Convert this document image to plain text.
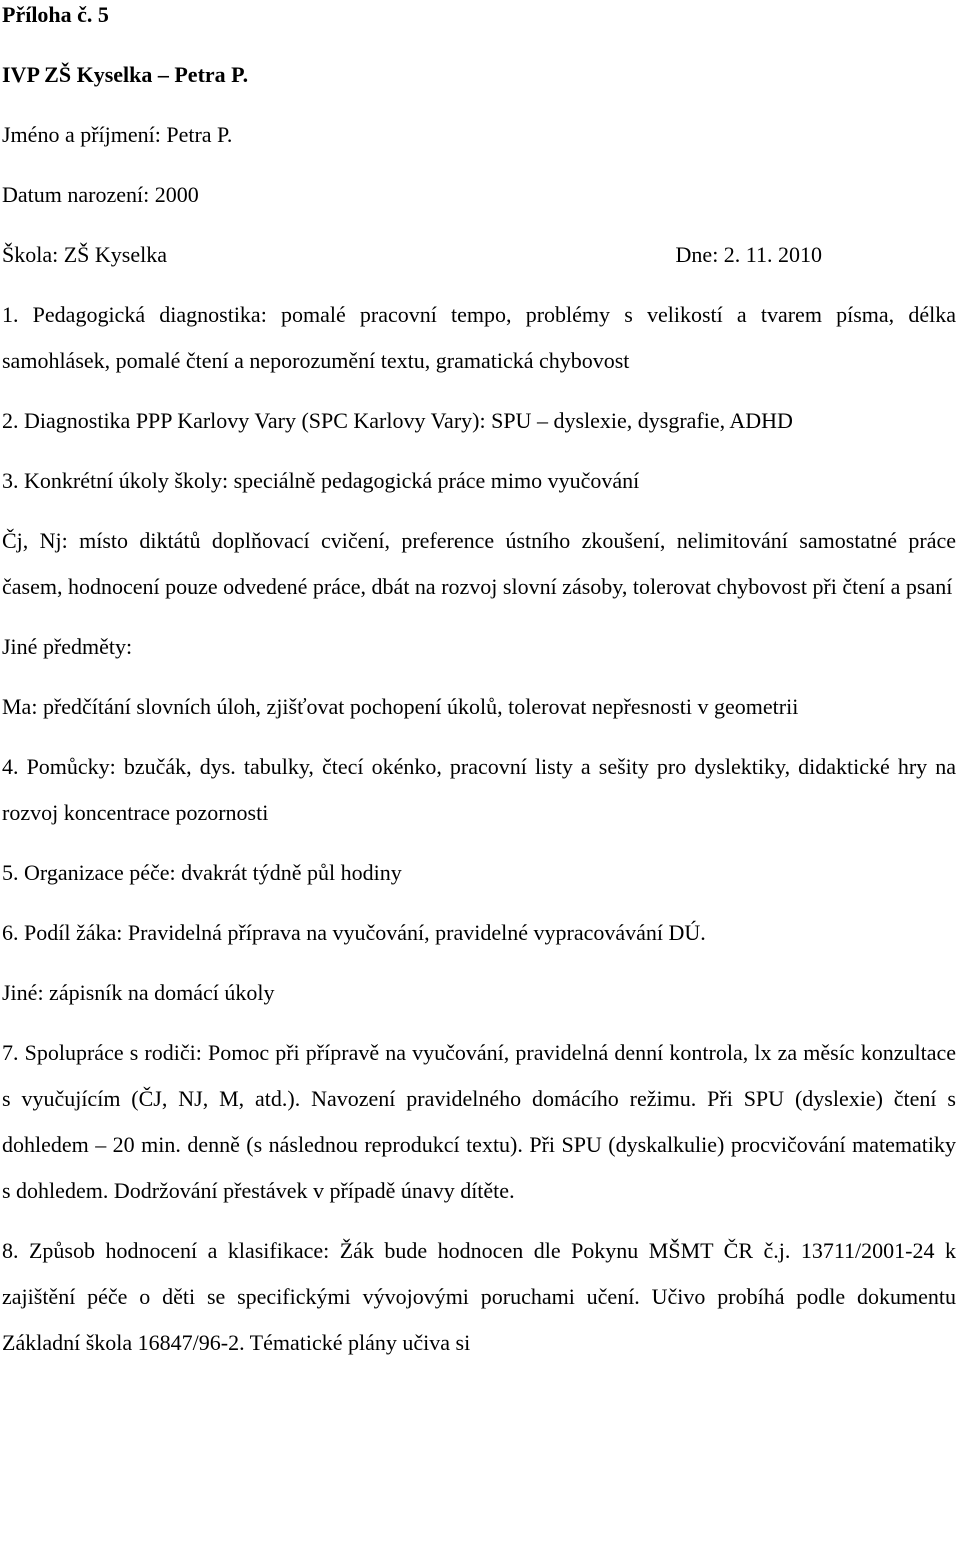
Příloha č. 5

IVP ZŠ Kyselka – Petra P.

Jméno a příjmení: Petra P.

Datum narození: 2000

Škola: ZŠ Kyselka	Dne: 2. 11. 2010

1. Pedagogická diagnostika: pomalé pracovní tempo, problémy s velikostí a tvarem písma, délka samohlásek, pomalé čtení a neporozumění textu, gramatická chybovost

2. Diagnostika PPP Karlovy Vary (SPC Karlovy Vary): SPU – dyslexie, dysgrafie, ADHD

3. Konkrétní úkoly školy: speciálně pedagogická práce mimo vyučování

Čj, Nj: místo diktátů doplňovací cvičení, preference ústního zkoušení, nelimitování samostatné práce časem, hodnocení pouze odvedené práce, dbát na rozvoj slovní zásoby, tolerovat chybovost při čtení a psaní

Jiné předměty:

Ma: předčítání slovních úloh, zjišťovat pochopení úkolů, tolerovat nepřesnosti v geometrii

4. Pomůcky: bzučák, dys. tabulky, čtecí okénko, pracovní listy a sešity pro dyslektiky, didaktické hry na rozvoj koncentrace pozornosti

5. Organizace péče: dvakrát týdně půl hodiny

6. Podíl žáka: Pravidelná příprava na vyučování, pravidelné vypracovávání DÚ.

Jiné: zápisník na domácí úkoly

7. Spolupráce s rodiči: Pomoc při přípravě na vyučování, pravidelná denní kontrola, lx za měsíc konzultace s vyučujícím (ČJ, NJ, M, atd.). Navození pravidelného domácího režimu. Při SPU (dyslexie) čtení s dohledem – 20 min. denně (s následnou reprodukcí textu). Při SPU (dyskalkulie) procvičování matematiky s dohledem. Dodržování přestávek v případě únavy dítěte.

8. Způsob hodnocení a klasifikace: Žák bude hodnocen dle Pokynu MŠMT ČR č.j. 13711/2001-24 k zajištění péče o děti se specifickými vývojovými poruchami učení. Učivo probíhá podle dokumentu Základní škola 16847/96-2. Tématické plány učiva si
